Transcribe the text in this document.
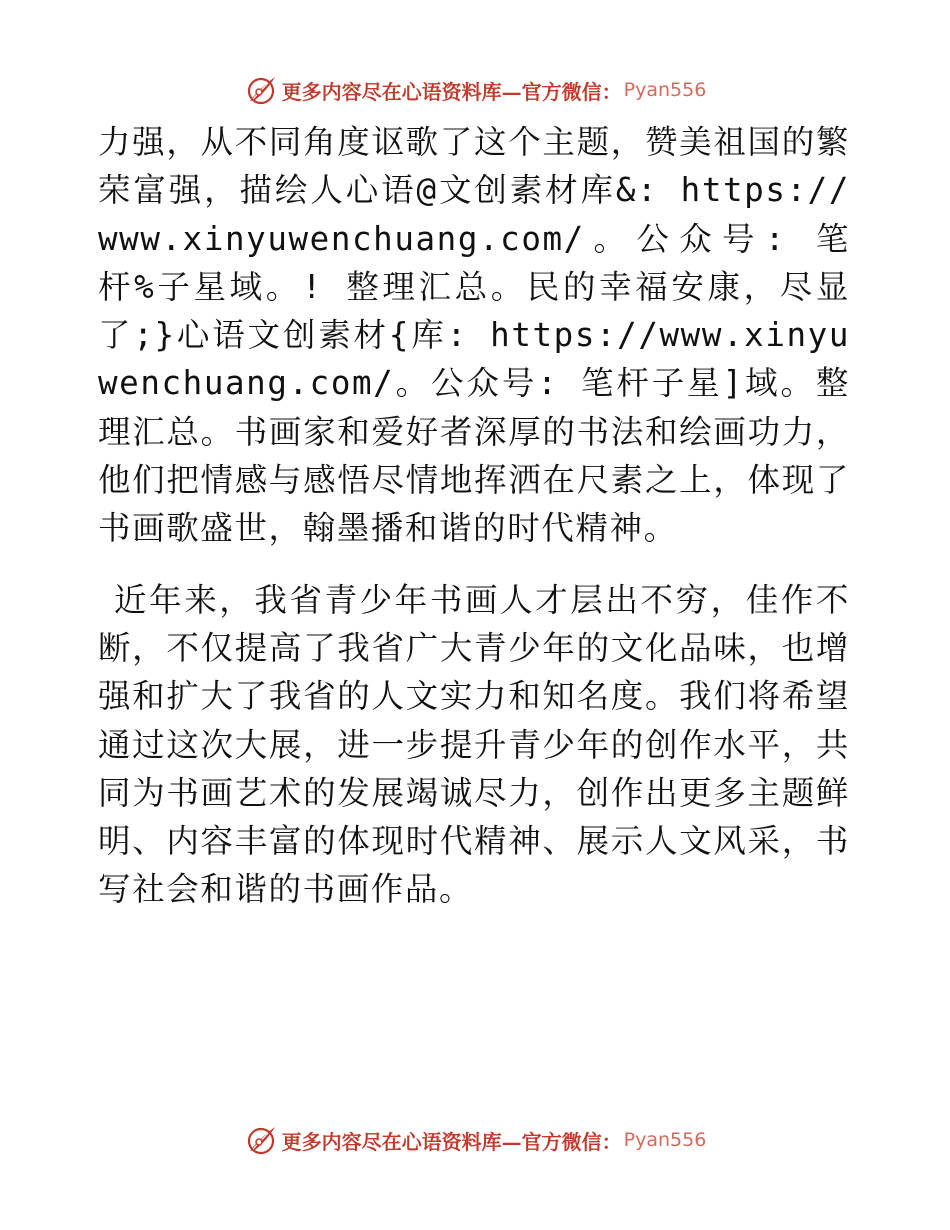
更多内容尽在心语资料库—官方微信： Pyan556

力强，从不同角度讴歌了这个主题，赞美祖国的繁荣富强，描绘人心语@文创素材库&: https://www.xinyuwenchuang.com/。公众号: 笔杆%子星域。! 整理汇总。民的幸福安康，尽显了;}心语文创素材{库: https://www.xinyuwenchuang.com/。公众号: 笔杆子星]域。整理汇总。书画家和爱好者深厚的书法和绘画功力，他们把情感与感悟尽情地挥洒在尺素之上，体现了书画歌盛世，翰墨播和谐的时代精神。

近年来，我省青少年书画人才层出不穷，佳作不断，不仅提高了我省广大青少年的文化品味，也增强和扩大了我省的人文实力和知名度。我们将希望通过这次大展，进一步提升青少年的创作水平，共同为书画艺术的发展竭诚尽力，创作出更多主题鲜明、内容丰富的体现时代精神、展示人文风采，书写社会和谐的书画作品。

更多内容尽在心语资料库—官方微信： Pyan556
